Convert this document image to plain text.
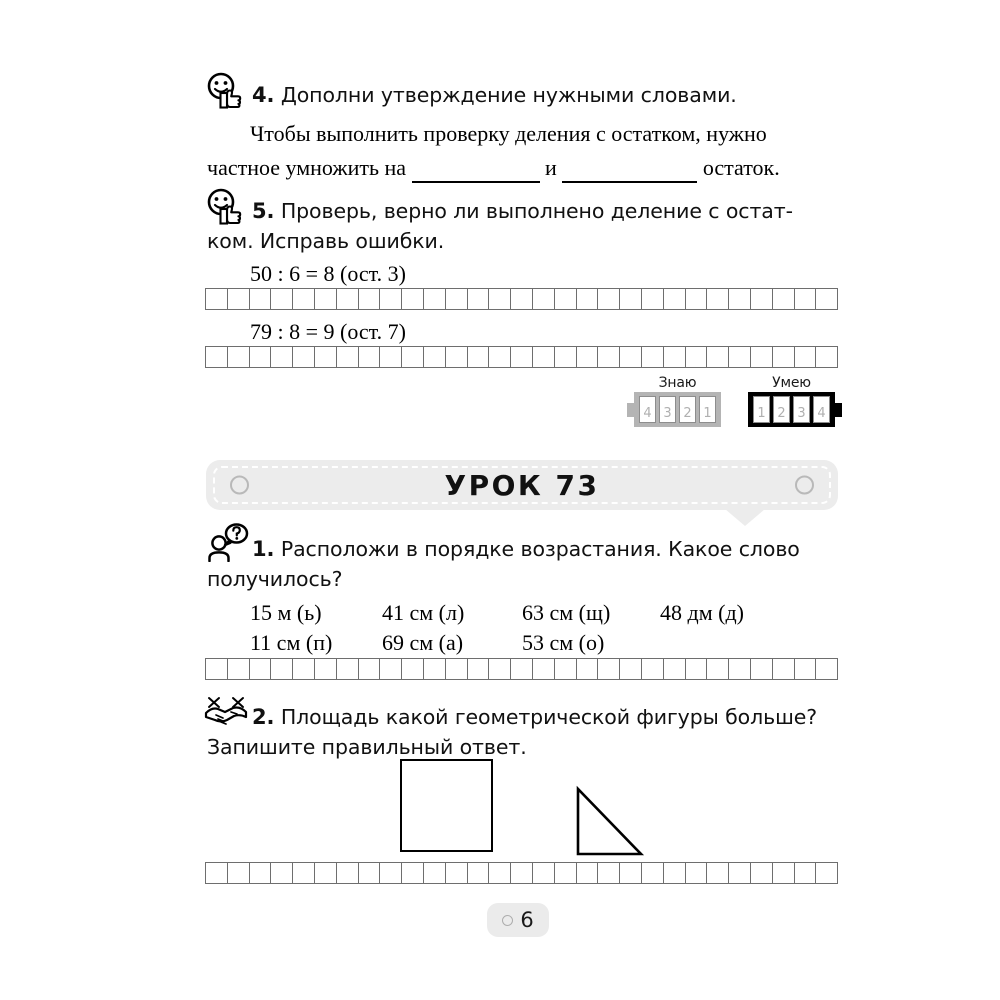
4. Дополни утверждение нужными словами.
Чтобы выполнить проверку деления с остатком, нужно
частное умножить на	и	остаток.
5. Проверь, верно ли выполнено деление с остат-
ком. Исправь ошибки.
50 : 6 = 8 (ост. 3)
79 : 8 = 9 (ост. 7)
Знаю
4 3 2 1
Умею
1 2 3 4
УРОК 73
1. Расположи в порядке возрастания. Какое слово
получилось?
15 м (ь)	41 см (л)	63 см (щ) 48 дм (д)
11 см (п) 69 см (а)	53 см (о)
2. Площадь какой геометрической фигуры больше?
Запишите правильный ответ.
6
